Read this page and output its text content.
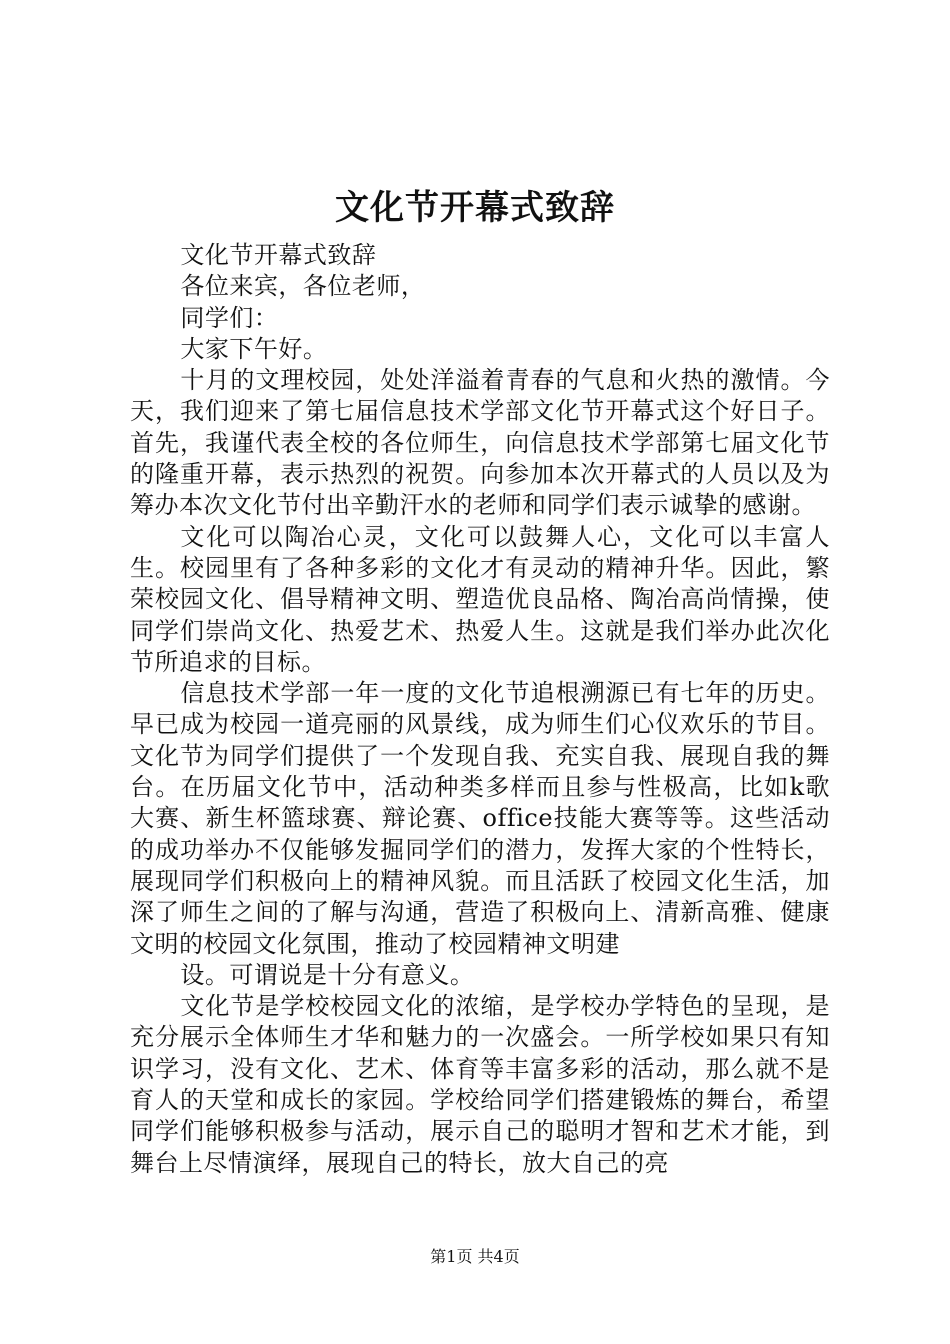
文化节开幕式致辞

文化节开幕式致辞

各位来宾，各位老师，

同学们：

大家下午好。

十月的文理校园，处处洋溢着青春的气息和火热的激情。今天，我们迎来了第七届信息技术学部文化节开幕式这个好日子。首先，我谨代表全校的各位师生，向信息技术学部第七届文化节的隆重开幕，表示热烈的祝贺。向参加本次开幕式的人员以及为筹办本次文化节付出辛勤汗水的老师和同学们表示诚挚的感谢。

文化可以陶冶心灵，文化可以鼓舞人心，文化可以丰富人生。校园里有了各种多彩的文化才有灵动的精神升华。因此，繁荣校园文化、倡导精神文明、塑造优良品格、陶冶高尚情操，使同学们崇尚文化、热爱艺术、热爱人生。这就是我们举办此次化节所追求的目标。

信息技术学部一年一度的文化节追根溯源已有七年的历史。早已成为校园一道亮丽的风景线，成为师生们心仪欢乐的节目。文化节为同学们提供了一个发现自我、充实自我、展现自我的舞台。在历届文化节中，活动种类多样而且参与性极高，比如k歌大赛、新生杯篮球赛、辩论赛、office技能大赛等等。这些活动的成功举办不仅能够发掘同学们的潜力，发挥大家的个性特长，展现同学们积极向上的精神风貌。而且活跃了校园文化生活，加深了师生之间的了解与沟通，营造了积极向上、清新高雅、健康文明的校园文化氛围，推动了校园精神文明建

设。可谓说是十分有意义。

文化节是学校校园文化的浓缩，是学校办学特色的呈现，是充分展示全体师生才华和魅力的一次盛会。一所学校如果只有知识学习，没有文化、艺术、体育等丰富多彩的活动，那么就不是育人的天堂和成长的家园。学校给同学们搭建锻炼的舞台，希望同学们能够积极参与活动，展示自己的聪明才智和艺术才能，到舞台上尽情演绎，展现自己的特长，放大自己的亮

第1页 共4页
